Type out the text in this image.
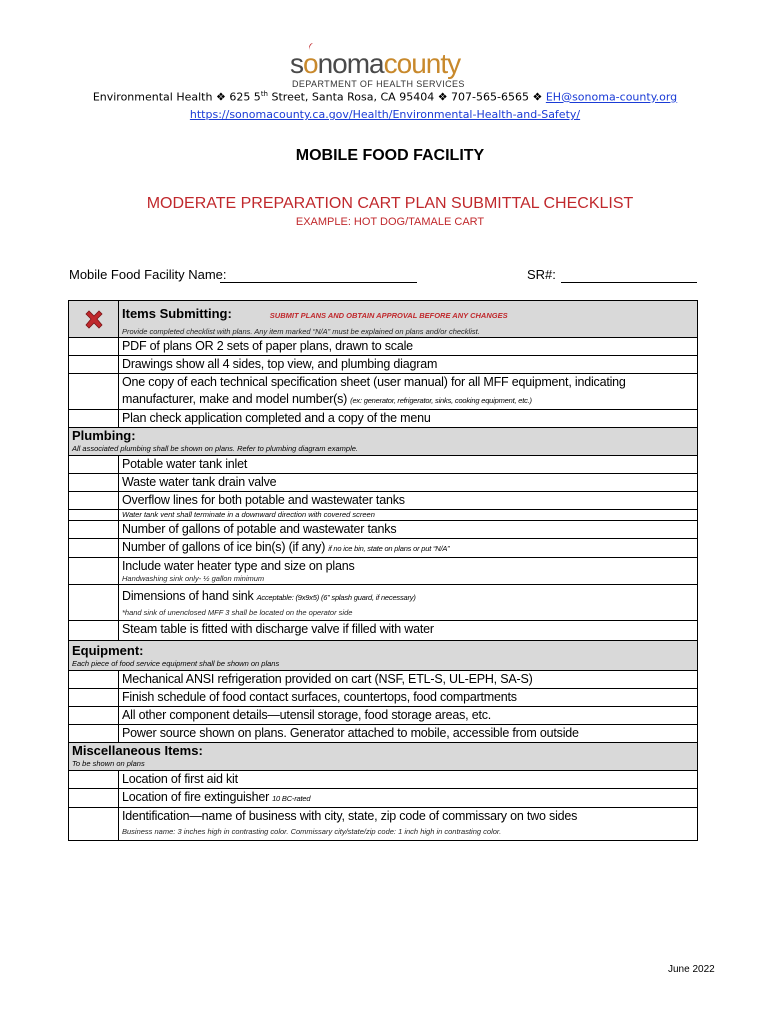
sonomacounty
DEPARTMENT OF HEALTH SERVICES
Environmental Health ❖ 625 5th Street, Santa Rosa, CA 95404 ❖ 707-565-6565 ❖ EH@sonoma-county.org
https://sonomacounty.ca.gov/Health/Environmental-Health-and-Safety/
MOBILE FOOD FACILITY
MODERATE PREPARATION CART PLAN SUBMITTAL CHECKLIST
EXAMPLE: HOT DOG/TAMALE CART
Mobile Food Facility Name:	SR#:

Items Submitting: SUBMIT PLANS AND OBTAIN APPROVAL BEFORE ANY CHANGES
Provide completed checklist with plans. Any item marked “N/A” must be explained on plans and/or checklist.

	PDF of plans OR 2 sets of paper plans, drawn to scale
	Drawings show all 4 sides, top view, and plumbing diagram

	One copy of each technical specification sheet (user manual) for all MFF equipment, indicating
manufacturer, make and model number(s) (ex: generator, refrigerator, sinks, cooking equipment, etc.)

	Plan check application completed and a copy of the menu

Plumbing:
All associated plumbing shall be shown on plans. Refer to plumbing diagram example.	

	Potable water tank inlet
	Waste water tank drain valve
	Overflow lines for both potable and wastewater tanks
	Water tank vent shall terminate in a downward direction with covered screen
	Number of gallons of potable and wastewater tanks
	Number of gallons of ice bin(s) (if any) if no ice bin, state on plans or put “N/A”

	Include water heater type and size on plans
Handwashing sink only- ½ gallon minimum

	Dimensions of hand sink Acceptable: (9x9x5) (6” splash guard, if necessary)
*hand sink of unenclosed MFF 3 shall be located on the operator side

	Steam table is fitted with discharge valve if filled with water

Equipment:
Each piece of food service equipment shall be shown on plans	

	Mechanical ANSI refrigeration provided on cart (NSF, ETL-S, UL-EPH, SA-S)
	Finish schedule of food contact surfaces, countertops, food compartments
	All other component details—utensil storage, food storage areas, etc.
	Power source shown on plans. Generator attached to mobile, accessible from outside

Miscellaneous Items:
To be shown on plans	

	Location of first aid kit
	Location of fire extinguisher 10 BC-rated

	Identification—name of business with city, state, zip code of commissary on two sides
Business name: 3 inches high in contrasting color. Commissary city/state/zip code: 1 inch high in contrasting color.
June 2022
